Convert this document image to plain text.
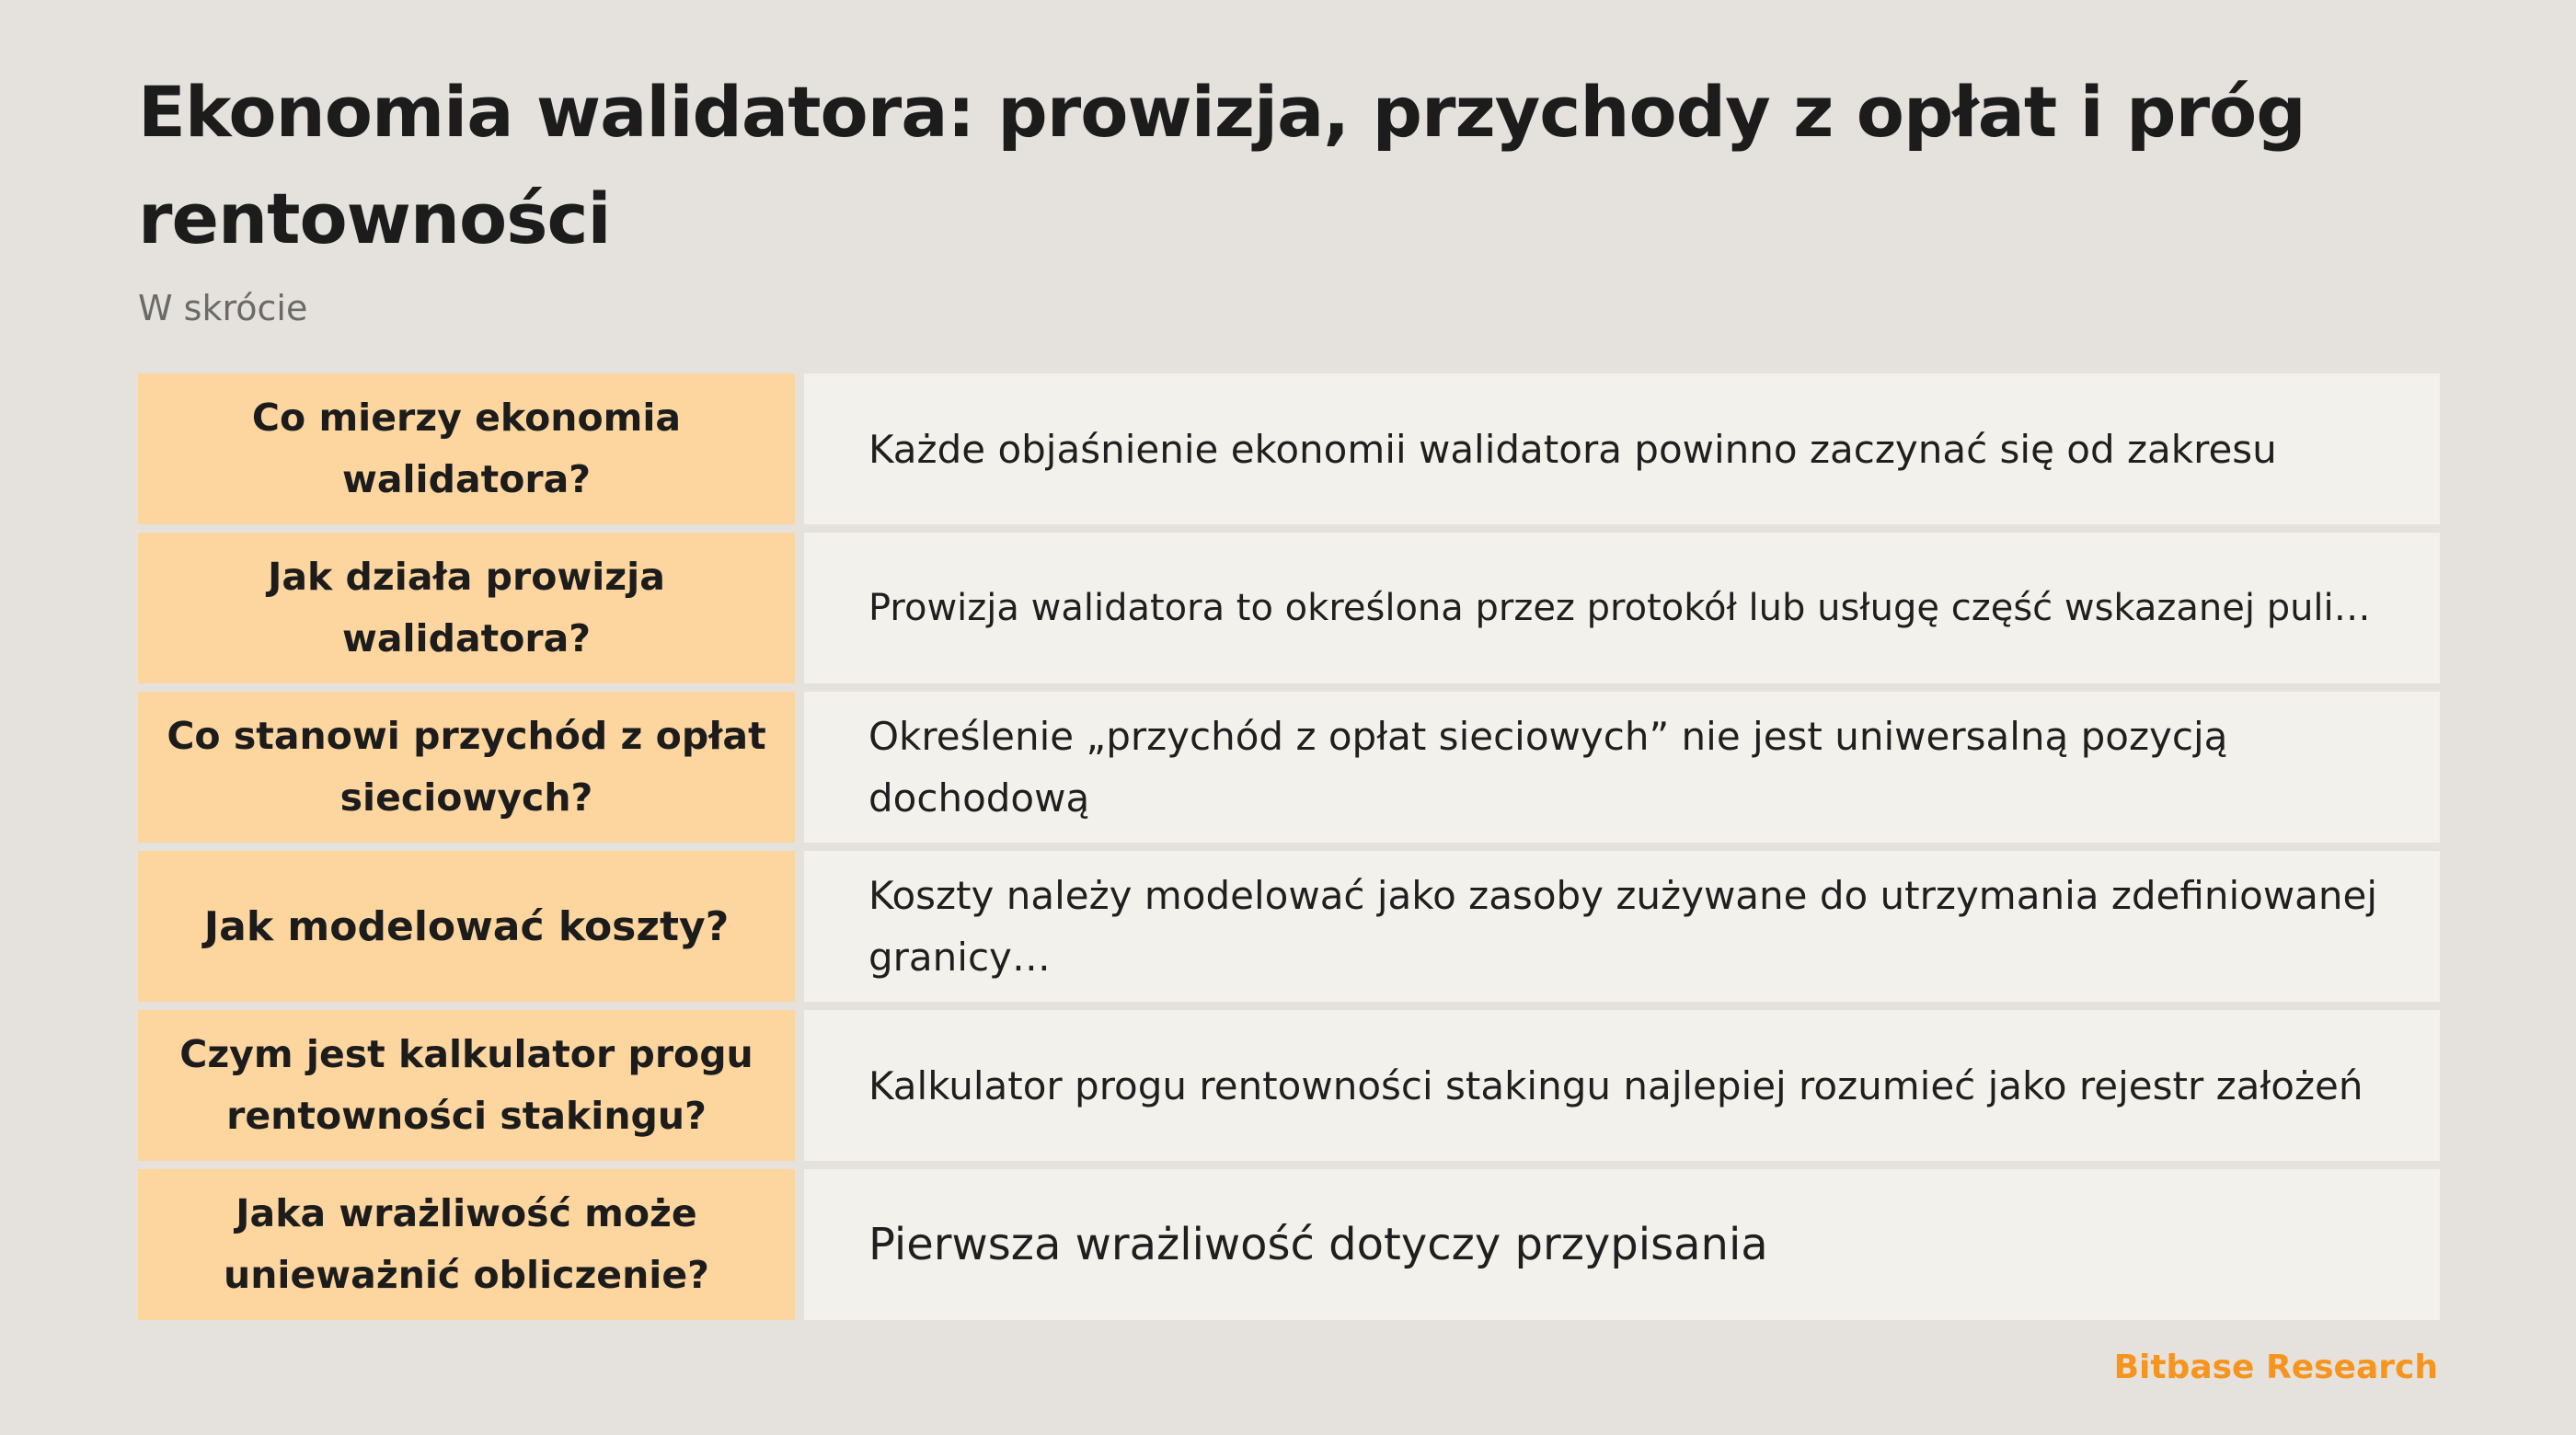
Ekonomia walidatora: prowizja, przychody z opłat i próg rentowności

W skrócie

Co mierzy ekonomia walidatora?
Każde objaśnienie ekonomii walidatora powinno zaczynać się od zakresu
Jak działa prowizja walidatora?
Prowizja walidatora to określona przez protokół lub usługę część wskazanej puli…
Co stanowi przychód z opłat sieciowych?
Określenie „przychód z opłat sieciowych” nie jest uniwersalną pozycją dochodową
Jak modelować koszty?
Koszty należy modelować jako zasoby zużywane do utrzymania zdefiniowanej granicy…
Czym jest kalkulator progu rentowności stakingu?
Kalkulator progu rentowności stakingu najlepiej rozumieć jako rejestr założeń
Jaka wrażliwość może unieważnić obliczenie?
Pierwsza wrażliwość dotyczy przypisania

Bitbase Research
